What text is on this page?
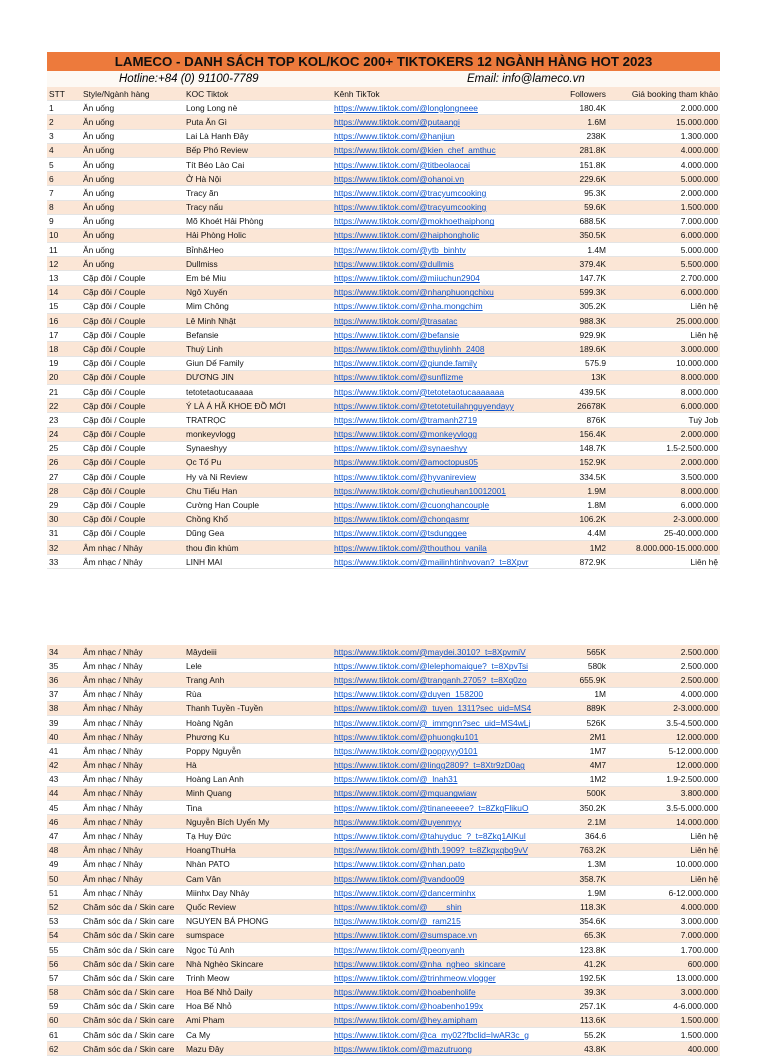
LAMECO - DANH SÁCH TOP KOL/KOC 200+ TIKTOKERS 12 NGÀNH HÀNG HOT 2023
Hotline:+84 (0) 91100-7789	Email: info@lameco.vn
STT	Style/Ngành hàng	KOC Tiktok	Kênh TikTok	Followers	Giá booking tham khảo
1	Ăn uống	Long Long nè	https://www.tiktok.com/@longlongneee	180.4K	2.000.000
2	Ăn uống	Puta Ăn Gì	https://www.tiktok.com/@putaangi	1.6M	15.000.000
3	Ăn uống	Lai Là Hanh Đây	https://www.tiktok.com/@hanjiun	238K	1.300.000
4	Ăn uống	Bếp Phó Review	https://www.tiktok.com/@kien_chef_amthuc	281.8K	4.000.000
5	Ăn uống	Tít Béo Lào Cai	https://www.tiktok.com/@titbeolaocai	151.8K	4.000.000
6	Ăn uống	Ở Hà Nội	https://www.tiktok.com/@ohanoi.vn	229.6K	5.000.000
7	Ăn uống	Tracy ăn	https://www.tiktok.com/@tracyumcooking	95.3K	2.000.000
8	Ăn uống	Tracy nấu	https://www.tiktok.com/@tracyumcooking	59.6K	1.500.000
9	Ăn uống	Mõ Khoét Hải Phòng	https://www.tiktok.com/@mokhoethaiphong	688.5K	7.000.000
10	Ăn uống	Hải Phòng Holic	https://www.tiktok.com/@haiphongholic	350.5K	6.000.000
11	Ăn uống	Bỉnh&Heo	https://www.tiktok.com/@ytb_binhtv	1.4M	5.000.000
12	Ăn uống	Dullmiss	https://www.tiktok.com/@dullmis	379.4K	5.500.000
13	Cặp đôi / Couple	Em bé Miu	https://www.tiktok.com/@miiuchun2904	147.7K	2.700.000
14	Cặp đôi / Couple	Ngô Xuyến	https://www.tiktok.com/@nhanphuongchixu	599.3K	6.000.000
15	Cặp đôi / Couple	Mim Chông	https://www.tiktok.com/@nha.mongchim	305.2K	Liên hệ
16	Cặp đôi / Couple	Lê Minh Nhật	https://www.tiktok.com/@trasatac	988.3K	25.000.000
17	Cặp đôi / Couple	Befansie	https://www.tiktok.com/@befansie	929.9K	Liên hệ
18	Cặp đôi / Couple	Thuỳ Linh	https://www.tiktok.com/@thuylinhh_2408	189.6K	3.000.000
19	Cặp đôi / Couple	Giun Dế Family	https://www.tiktok.com/@giunde.family	575.9	10.000.000
20	Cặp đôi / Couple	DƯƠNG JIN	https://www.tiktok.com/@sunflizme	13K	8.000.000
21	Cặp đôi / Couple	tetotetaotucaaaaa	https://www.tiktok.com/@tetotetaotucaaaaaaa	439.5K	8.000.000
22	Cặp đôi / Couple	Ý LÀ Á HÃ KHOE ĐỒ MỚI	https://www.tiktok.com/@tetotetuilahnguyendayy	26678K	6.000.000
23	Cặp đôi / Couple	TRATRỌC	https://www.tiktok.com/@tramanh2719	876K	Tuỳ Job
24	Cặp đôi / Couple	monkeyvlogg	https://www.tiktok.com/@monkeyvlogg	156.4K	2.000.000
25	Cặp đôi / Couple	Synaeshyy	https://www.tiktok.com/@synaeshyy	148.7K	1.5-2.500.000
26	Cặp đôi / Couple	Ọc Tố Pu	https://www.tiktok.com/@amoctopus05	152.9K	2.000.000
27	Cặp đôi / Couple	Hy và Ni Review	https://www.tiktok.com/@hyvanireview	334.5K	3.500.000
28	Cặp đôi / Couple	Chu Tiểu Han	https://www.tiktok.com/@chutieuhan10012001	1.9M	8.000.000
29	Cặp đôi / Couple	Cường Han Couple	https://www.tiktok.com/@cuonghancouple	1.8M	6.000.000
30	Cặp đôi / Couple	Chồng Khổ	https://www.tiktok.com/@chongasmr	106.2K	2-3.000.000
31	Cặp đôi / Couple	Dũng Gea	https://www.tiktok.com/@tsdunggee	4.4M	25-40.000.000
32	Âm nhạc / Nhảy	thou đin khùm	https://www.tiktok.com/@thouthou_vanila	1M2	8.000.000-15.000.000
33	Âm nhạc / Nhảy	LINH MAI	https://www.tiktok.com/@mailinhtinhvovan?_t=8Xpvr	872.9K	Liên hệ
34	Âm nhạc / Nhảy	Mâydeiii	https://www.tiktok.com/@maydei.3010?_t=8XpvmiV	565K	2.500.000
35	Âm nhạc / Nhảy	Lele	https://www.tiktok.com/@lelephomaique?_t=8XpvTsi	580k	2.500.000
36	Âm nhạc / Nhảy	Trang Anh	https://www.tiktok.com/@tranganh.2705?_t=8Xq0zo	655.9K	2.500.000
37	Âm nhạc / Nhảy	Rùa	https://www.tiktok.com/@duyen_158200	1M	4.000.000
38	Âm nhạc / Nhảy	Thanh Tuyền -Tuyền	https://www.tiktok.com/@_tuyen_1311?sec_uid=MS4	889K	2-3.000.000
39	Âm nhạc / Nhảy	Hoàng Ngân	https://www.tiktok.com/@_immgnn?sec_uid=MS4wLj	526K	3.5-4.500.000
40	Âm nhạc / Nhảy	Phương Ku	https://www.tiktok.com/@phuongku101	2M1	12.000.000
41	Âm nhạc / Nhảy	Poppy Nguyễn	https://www.tiktok.com/@poppyyy0101	1M7	5-12.000.000
42	Âm nhạc / Nhảy	Hà	https://www.tiktok.com/@lingg2809?_t=8Xtr9zD0ag	4M7	12.000.000
43	Âm nhạc / Nhảy	Hoàng Lan Anh	https://www.tiktok.com/@_lnah31	1M2	1.9-2.500.000
44	Âm nhạc / Nhảy	Minh Quang	https://www.tiktok.com/@mquangwiaw	500K	3.800.000
45	Âm nhạc / Nhảy	Tina	https://www.tiktok.com/@tinaneeeee?_t=8ZkqFlikuO	350.2K	3.5-5.000.000
46	Âm nhạc / Nhảy	Nguyễn Bích Uyển My	https://www.tiktok.com/@uyenmyy	2.1M	14.000.000
47	Âm nhạc / Nhảy	Tạ Huy Đức	https://www.tiktok.com/@tahuyduc_?_t=8Zkq1AlKul	364.6	Liên hệ
48	Âm nhạc / Nhảy	HoangThuHa	https://www.tiktok.com/@hth.1909?_t=8Zkqxqbq9vV	763.2K	Liên hệ
49	Âm nhạc / Nhảy	Nhàn PATO	https://www.tiktok.com/@nhan.pato	1.3M	10.000.000
50	Âm nhạc / Nhảy	Cam Vân	https://www.tiktok.com/@vandoo09	358.7K	Liên hệ
51	Âm nhạc / Nhảy	Miinhx Day Nhảy	https://www.tiktok.com/@dancerminhx	1.9M	6-12.000.000
52	Chăm sóc da / Skin care	Quốc Review	https://www.tiktok.com/@____shin	118.3K	4.000.000
53	Chăm sóc da / Skin care	NGUYEN BÁ PHONG	https://www.tiktok.com/@_ram215	354.6K	3.000.000
54	Chăm sóc da / Skin care	sumspace	https://www.tiktok.com/@sumspace.vn	65.3K	7.000.000
55	Chăm sóc da / Skin care	Ngọc Tú Anh	https://www.tiktok.com/@peonyanh	123.8K	1.700.000
56	Chăm sóc da / Skin care	Nhà Nghèo Skincare	https://www.tiktok.com/@nha_ngheo_skincare	41.2K	600.000
57	Chăm sóc da / Skin care	Trinh Meow	https://www.tiktok.com/@trinhmeow.vlogger	192.5K	13.000.000
58	Chăm sóc da / Skin care	Hoa Bế Nhỏ Daily	https://www.tiktok.com/@hoabenholife	39.3K	3.000.000
59	Chăm sóc da / Skin care	Hoa Bế Nhỏ	https://www.tiktok.com/@hoabenho199x	257.1K	4-6.000.000
60	Chăm sóc da / Skin care	Ami Pham	https://www.tiktok.com/@hey.amipham	113.6K	1.500.000
61	Chăm sóc da / Skin care	Ca My	https://www.tiktok.com/@ca_my02?fbclid=IwAR3c_g	55.2K	1.500.000
62	Chăm sóc da / Skin care	Mazu Đây	https://www.tiktok.com/@mazutruong	43.8K	400.000
